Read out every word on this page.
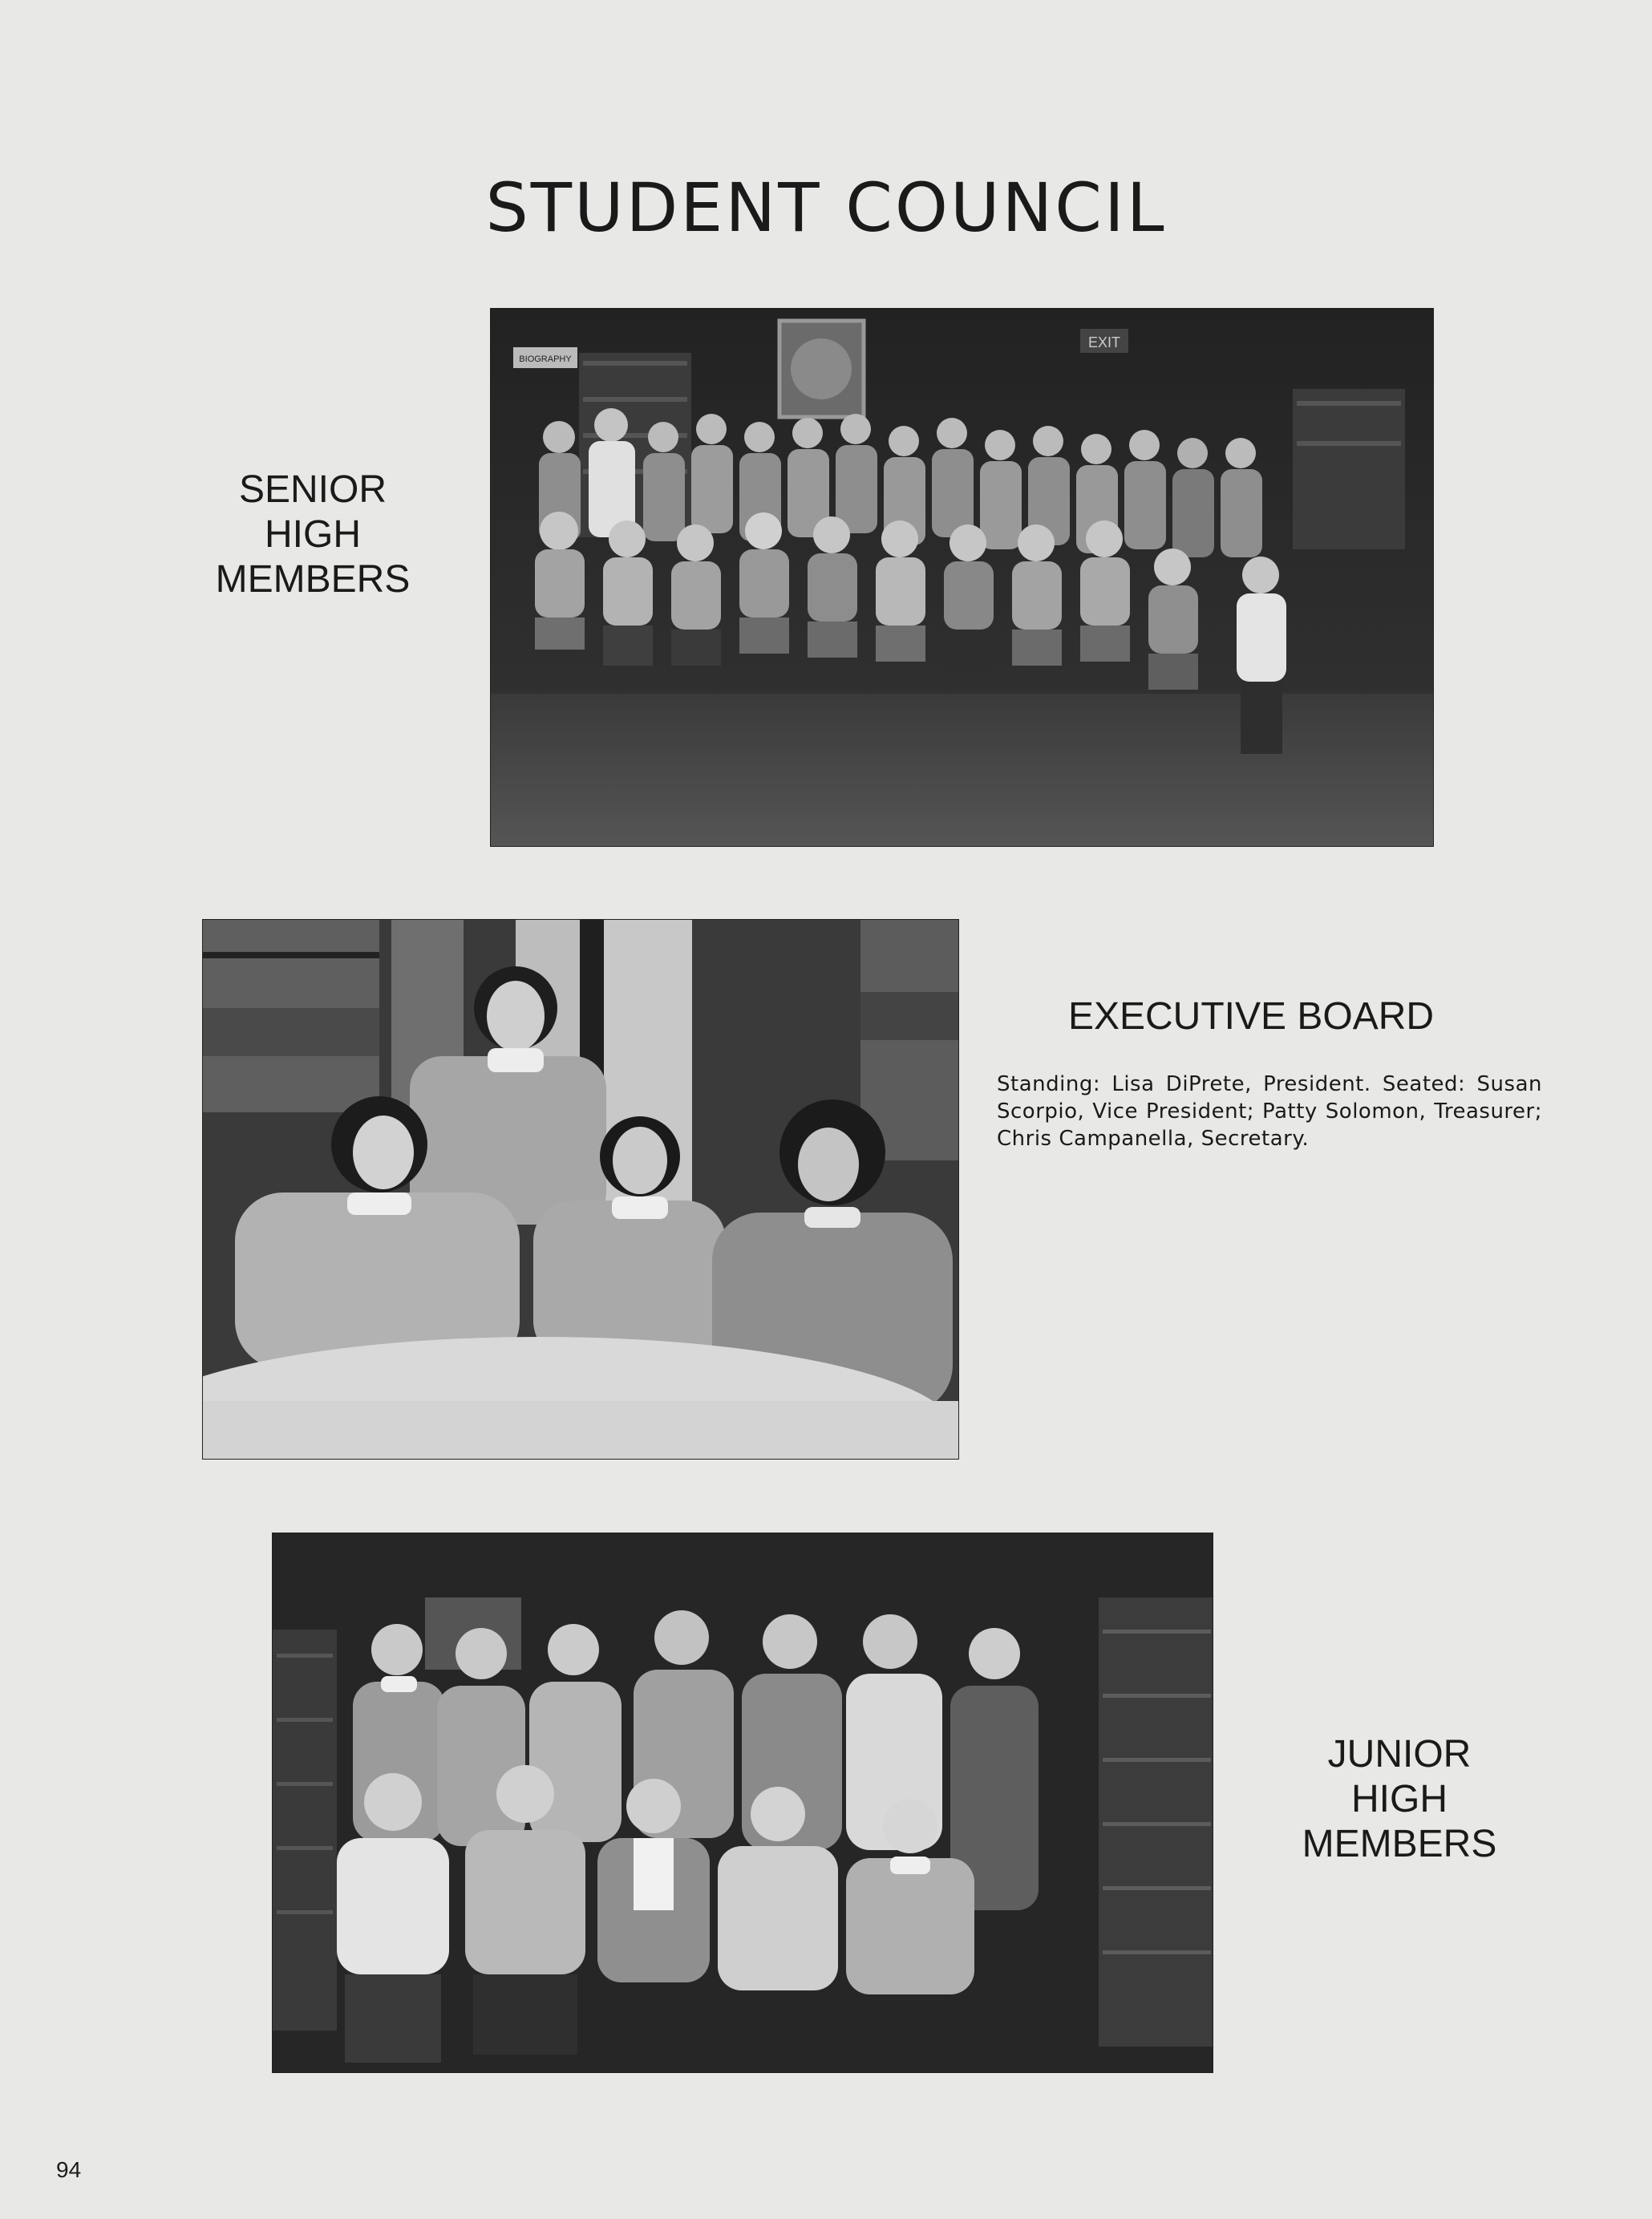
STUDENT COUNCIL
SENIOR
HIGH
MEMBERS
EXIT
BIOGRAPHY
EXECUTIVE BOARD
Standing: Lisa DiPrete, President. Seated: Susan Scorpio, Vice President; Patty Solomon, Treasurer; Chris Campanella, Secretary.
JUNIOR
HIGH
MEMBERS
94
